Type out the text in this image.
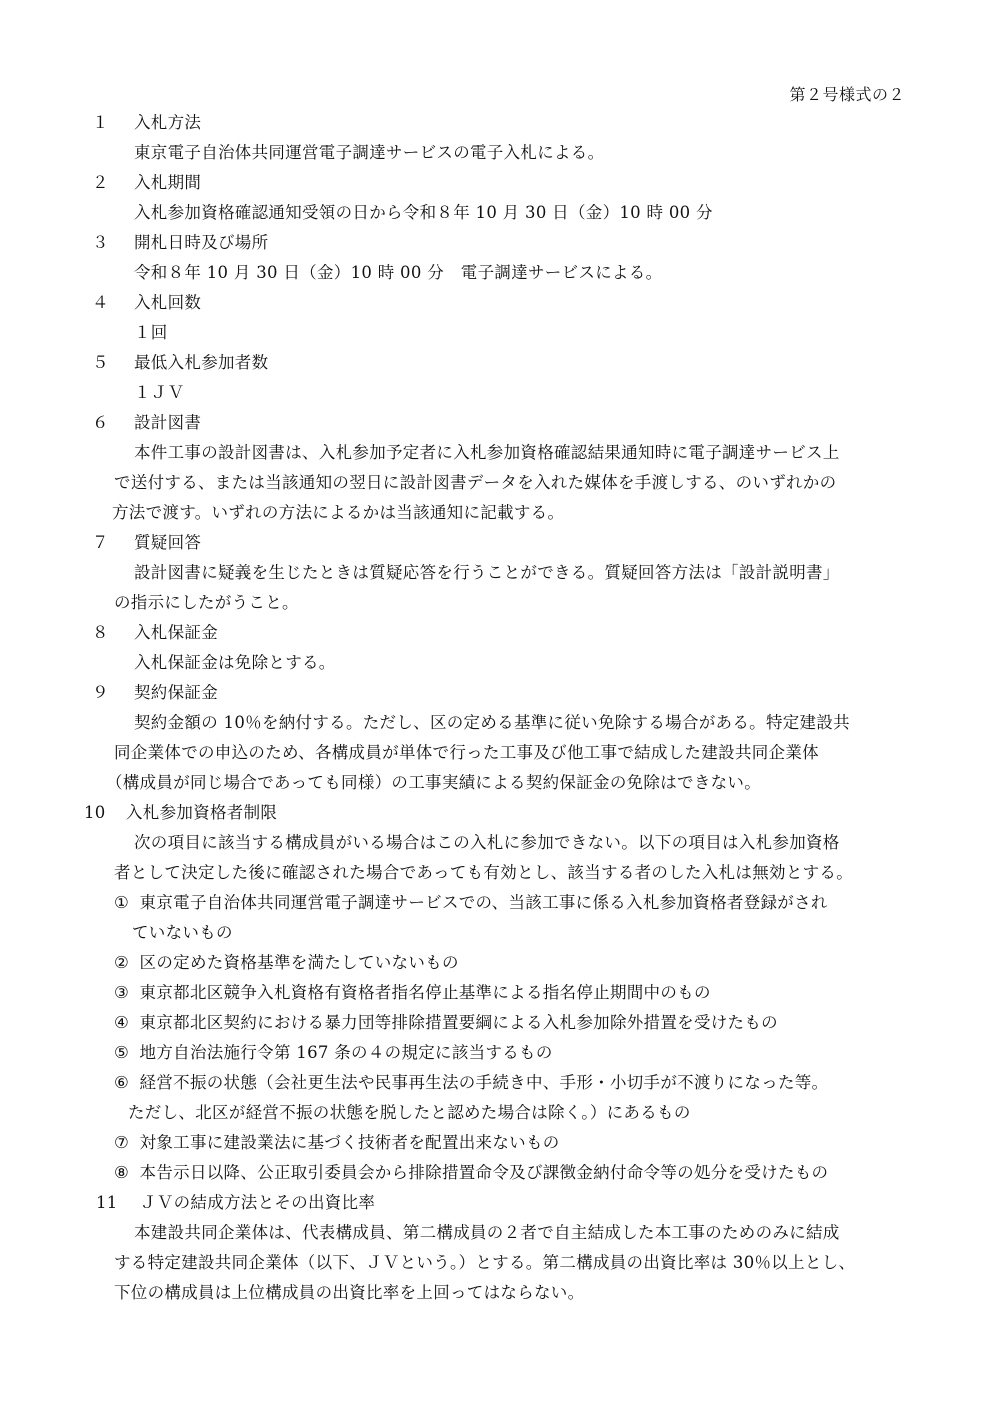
第２号様式の２
１	入札方法
東京電子自治体共同運営電子調達サービスの電子入札による。
２	入札期間
入札参加資格確認通知受領の日から令和８年 10 月 30 日（金）10 時 00 分
３	開札日時及び場所
令和８年 10 月 30 日（金）10 時 00 分　電子調達サービスによる。
４	入札回数
１回
５	最低入札参加者数
１ＪＶ
６	設計図書
本件工事の設計図書は、入札参加予定者に入札参加資格確認結果通知時に電子調達サービス上
で送付する、または当該通知の翌日に設計図書データを入れた媒体を手渡しする、のいずれかの
方法で渡す。いずれの方法によるかは当該通知に記載する。
７	質疑回答
設計図書に疑義を生じたときは質疑応答を行うことができる。質疑回答方法は「設計説明書」
の指示にしたがうこと。
８	入札保証金
入札保証金は免除とする。
９	契約保証金
契約金額の 10％を納付する。ただし、区の定める基準に従い免除する場合がある。特定建設共
同企業体での申込のため、各構成員が単体で行った工事及び他工事で結成した建設共同企業体
（構成員が同じ場合であっても同様）の工事実績による契約保証金の免除はできない。
10	入札参加資格者制限
次の項目に該当する構成員がいる場合はこの入札に参加できない。以下の項目は入札参加資格
者として決定した後に確認された場合であっても有効とし、該当する者のした入札は無効とする。
① 東京電子自治体共同運営電子調達サービスでの、当該工事に係る入札参加資格者登録がされ
ていないもの
② 区の定めた資格基準を満たしていないもの
③ 東京都北区競争入札資格有資格者指名停止基準による指名停止期間中のもの
④ 東京都北区契約における暴力団等排除措置要綱による入札参加除外措置を受けたもの
⑤ 地方自治法施行令第 167 条の４の規定に該当するもの
⑥ 経営不振の状態（会社更生法や民事再生法の手続き中、手形・小切手が不渡りになった等。
ただし、北区が経営不振の状態を脱したと認めた場合は除く。）にあるもの
⑦ 対象工事に建設業法に基づく技術者を配置出来ないもの
⑧ 本告示日以降、公正取引委員会から排除措置命令及び課徴金納付命令等の処分を受けたもの
11	ＪＶの結成方法とその出資比率
本建設共同企業体は、代表構成員、第二構成員の２者で自主結成した本工事のためのみに結成
する特定建設共同企業体（以下、ＪＶという。）とする。第二構成員の出資比率は 30％以上とし、
下位の構成員は上位構成員の出資比率を上回ってはならない。
